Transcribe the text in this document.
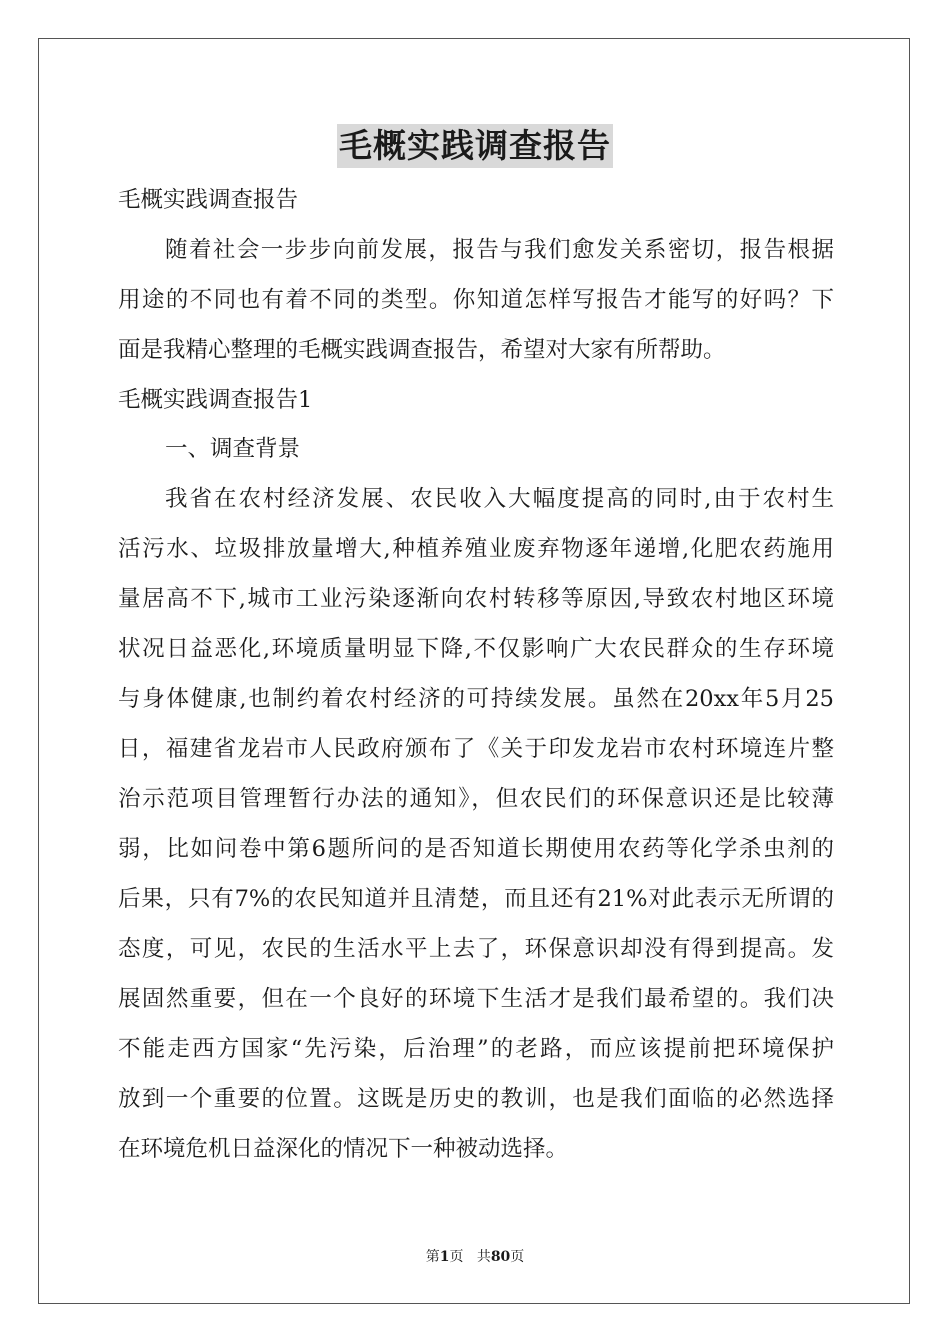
毛概实践调查报告
毛概实践调查报告
随着社会一步步向前发展，报告与我们愈发关系密切，报告根据
用途的不同也有着不同的类型。你知道怎样写报告才能写的好吗？下
面是我精心整理的毛概实践调查报告，希望对大家有所帮助。
毛概实践调查报告1
一、调查背景
我省在农村经济发展、农民收入大幅度提高的同时,由于农村生
活污水、垃圾排放量增大,种植养殖业废弃物逐年递增,化肥农药施用
量居高不下,城市工业污染逐渐向农村转移等原因,导致农村地区环境
状况日益恶化,环境质量明显下降,不仅影响广大农民群众的生存环境
与身体健康,也制约着农村经济的可持续发展。虽然在20xx年5月25
日，福建省龙岩市人民政府颁布了《关于印发龙岩市农村环境连片整
治示范项目管理暂行办法的通知》，但农民们的环保意识还是比较薄
弱，比如问卷中第6题所问的是否知道长期使用农药等化学杀虫剂的
后果，只有7%的农民知道并且清楚，而且还有21%对此表示无所谓的
态度，可见，农民的生活水平上去了，环保意识却没有得到提高。发
展固然重要，但在一个良好的环境下生活才是我们最希望的。我们决
不能走西方国家“先污染，后治理”的老路，而应该提前把环境保护
放到一个重要的位置。这既是历史的教训，也是我们面临的必然选择
在环境危机日益深化的情况下一种被动选择。
第1页 共80页
